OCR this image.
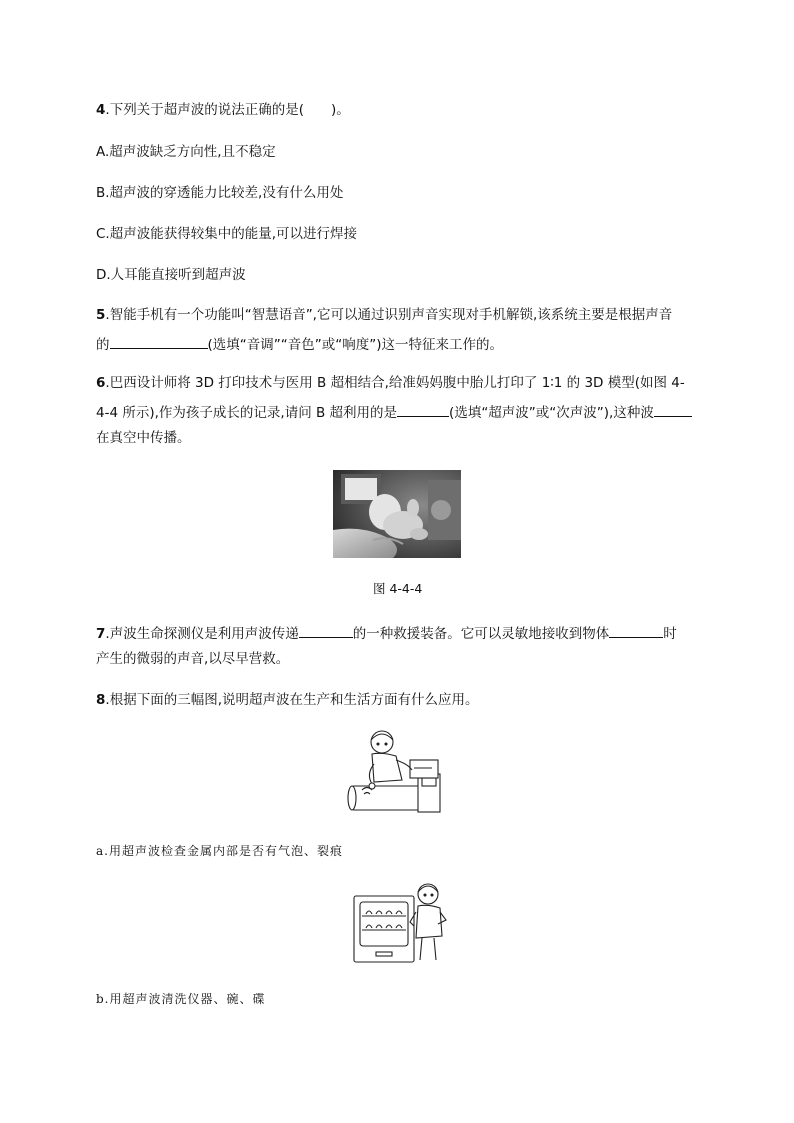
4.下列关于超声波的说法正确的是(　　)。
A.超声波缺乏方向性,且不稳定
B.超声波的穿透能力比较差,没有什么用处
C.超声波能获得较集中的能量,可以进行焊接
D.人耳能直接听到超声波
5.智能手机有一个功能叫“智慧语音”,它可以通过识别声音实现对手机解锁,该系统主要是根据声音
的	(选填“音调”“音色”或“响度”)这一特征来工作的。
6.巴西设计师将 3D 打印技术与医用 B 超相结合,给准妈妈腹中胎儿打印了 1∶1 的 3D 模型(如图 4-
4-4 所示),作为孩子成长的记录,请问 B 超利用的是	(选填“超声波”或“次声波”),这种波
在真空中传播。
图 4-4-4
7.声波生命探测仪是利用声波传递	的一种救援装备。它可以灵敏地接收到物体	时
产生的微弱的声音,以尽早营救。
8.根据下面的三幅图,说明超声波在生产和生活方面有什么应用。
a.用超声波检查金属内部是否有气泡、裂痕
b.用超声波清洗仪器、碗、碟
